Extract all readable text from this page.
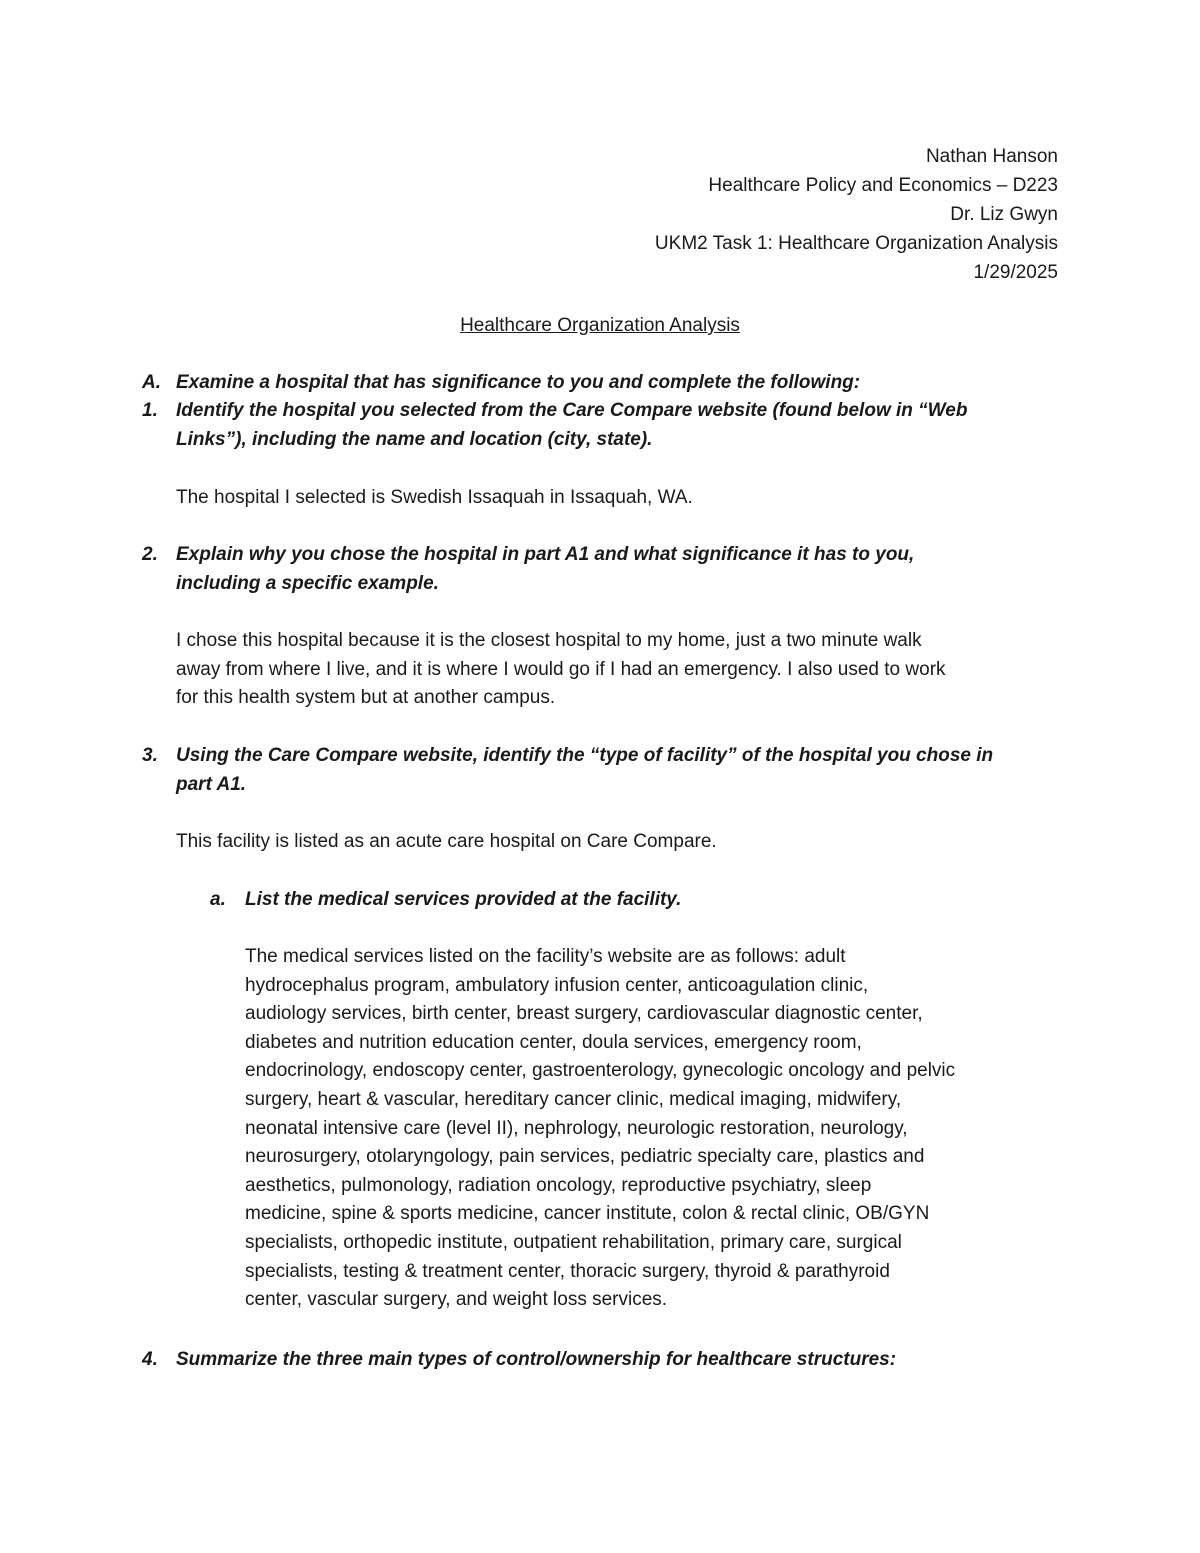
Nathan Hanson
Healthcare Policy and Economics – D223
Dr. Liz Gwyn
UKM2 Task 1: Healthcare Organization Analysis
1/29/2025
Healthcare Organization Analysis
A. Examine a hospital that has significance to you and complete the following:
1. Identify the hospital you selected from the Care Compare website (found below in “Web
Links”), including the name and location (city, state).
The hospital I selected is Swedish Issaquah in Issaquah, WA.
2. Explain why you chose the hospital in part A1 and what significance it has to you,
including a specific example.
I chose this hospital because it is the closest hospital to my home, just a two minute walk
away from where I live, and it is where I would go if I had an emergency. I also used to work
for this health system but at another campus.
3. Using the Care Compare website, identify the “type of facility” of the hospital you chose in
part A1.
This facility is listed as an acute care hospital on Care Compare.
a. List the medical services provided at the facility.
The medical services listed on the facility’s website are as follows: adult
hydrocephalus program, ambulatory infusion center, anticoagulation clinic,
audiology services, birth center, breast surgery, cardiovascular diagnostic center,
diabetes and nutrition education center, doula services, emergency room,
endocrinology, endoscopy center, gastroenterology, gynecologic oncology and pelvic
surgery, heart & vascular, hereditary cancer clinic, medical imaging, midwifery,
neonatal intensive care (level II), nephrology, neurologic restoration, neurology,
neurosurgery, otolaryngology, pain services, pediatric specialty care, plastics and
aesthetics, pulmonology, radiation oncology, reproductive psychiatry, sleep
medicine, spine & sports medicine, cancer institute, colon & rectal clinic, OB/GYN
specialists, orthopedic institute, outpatient rehabilitation, primary care, surgical
specialists, testing & treatment center, thoracic surgery, thyroid & parathyroid
center, vascular surgery, and weight loss services.
4. Summarize the three main types of control/ownership for healthcare structures:
